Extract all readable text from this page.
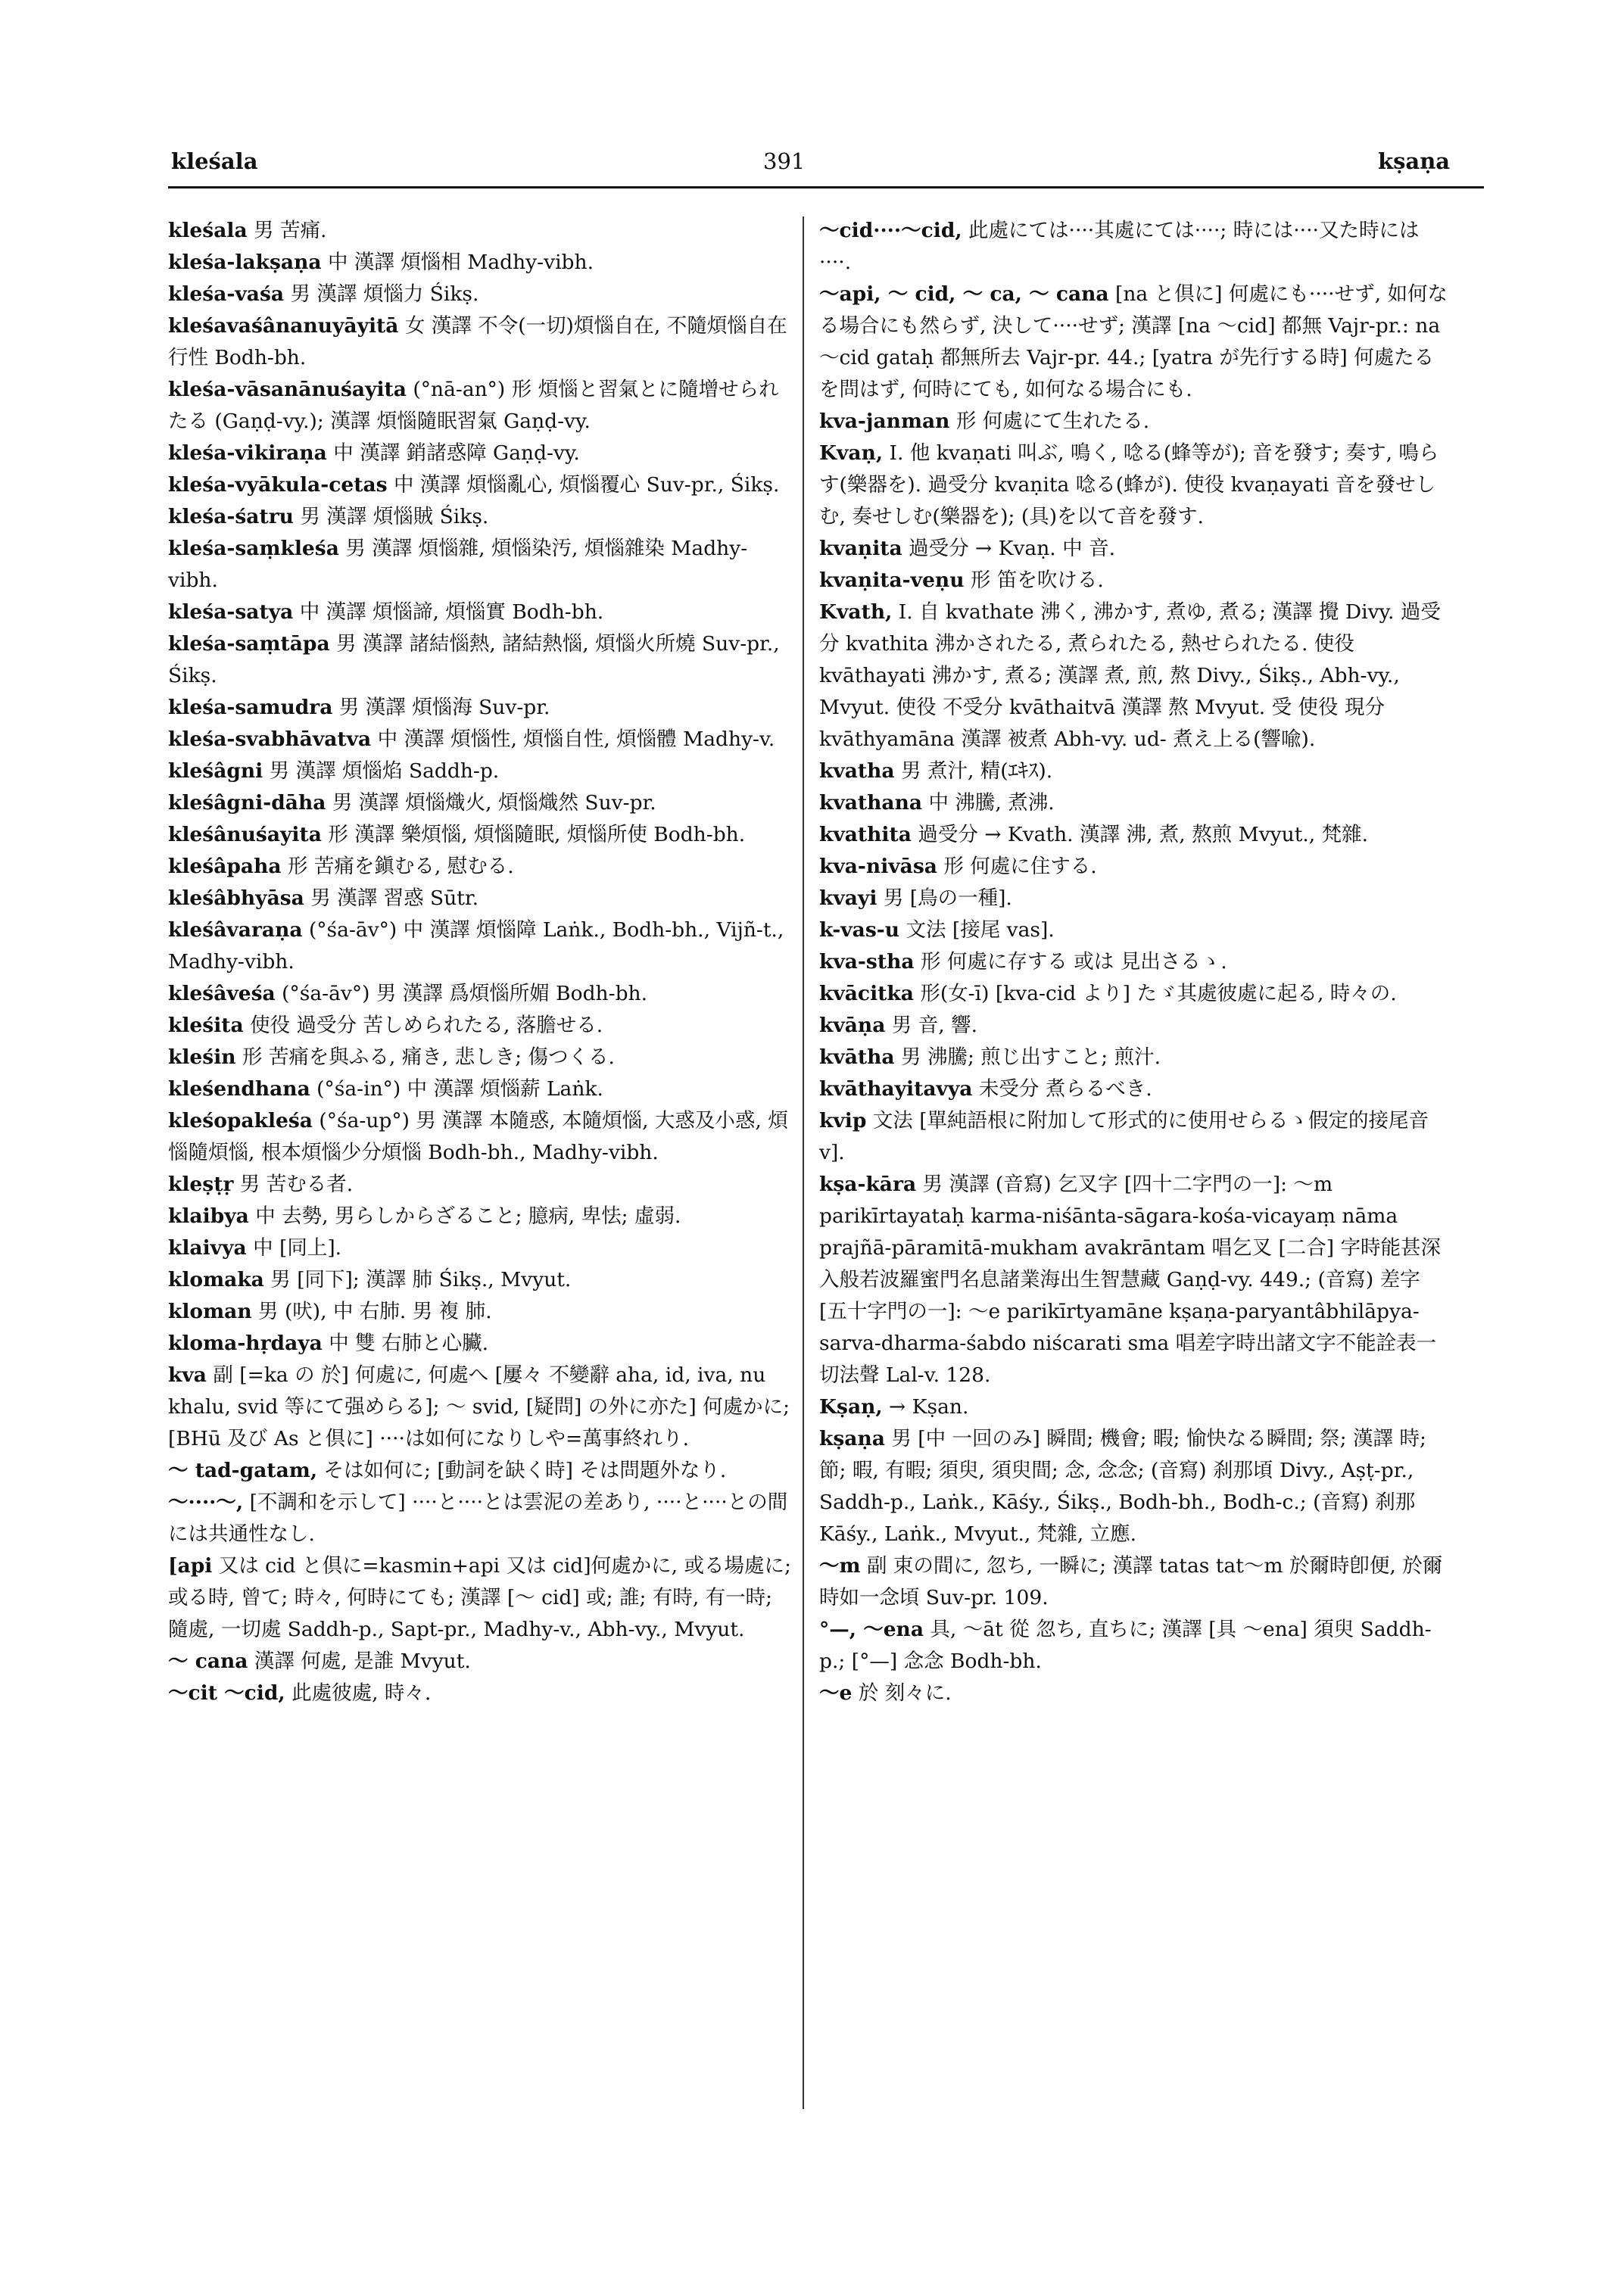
kleśala	391	kṣaṇa

kleśala 男 苦痛.

kleśa-lakṣaṇa 中 漢譯 煩惱相 Madhy-vibh.

kleśa-vaśa 男 漢譯 煩惱力 Śikṣ.

kleśavaśânanuyāyitā 女 漢譯 不令(一切)煩惱自在, 不隨煩惱自在行性 Bodh-bh.

kleśa-vāsanānuśayita (°nā-an°) 形 煩惱と習氣とに隨增せられたる (Gaṇḍ-vy.); 漢譯 煩惱隨眠習氣 Gaṇḍ-vy.

kleśa-vikiraṇa 中 漢譯 銷諸惑障 Gaṇḍ-vy.

kleśa-vyākula-cetas 中 漢譯 煩惱亂心, 煩惱覆心 Suv-pr., Śikṣ.

kleśa-śatru 男 漢譯 煩惱賊 Śikṣ.

kleśa-saṃkleśa 男 漢譯 煩惱雜, 煩惱染汚, 煩惱雜染 Madhy-vibh.

kleśa-satya 中 漢譯 煩惱諦, 煩惱實 Bodh-bh.

kleśa-saṃtāpa 男 漢譯 諸結惱熱, 諸結熱惱, 煩惱火所燒 Suv-pr., Śikṣ.

kleśa-samudra 男 漢譯 煩惱海 Suv-pr.

kleśa-svabhāvatva 中 漢譯 煩惱性, 煩惱自性, 煩惱體 Madhy-v.

kleśâgni 男 漢譯 煩惱焰 Saddh-p.

kleśâgni-dāha 男 漢譯 煩惱熾火, 煩惱熾然 Suv-pr.

kleśânuśayita 形 漢譯 樂煩惱, 煩惱隨眠, 煩惱所使 Bodh-bh.

kleśâpaha 形 苦痛を鎭むる, 慰むる.

kleśâbhyāsa 男 漢譯 習惑 Sūtr.

kleśâvaraṇa (°śa-āv°) 中 漢譯 煩惱障 Laṅk., Bodh-bh., Vijñ-t., Madhy-vibh.

kleśâveśa (°śa-āv°) 男 漢譯 爲煩惱所媚 Bodh-bh.

kleśita 使役 過受分 苦しめられたる, 落膽せる.

kleśin 形 苦痛を與ふる, 痛き, 悲しき; 傷つくる.

kleśendhana (°śa-in°) 中 漢譯 煩惱薪 Laṅk.

kleśopakleśa (°śa-up°) 男 漢譯 本隨惑, 本隨煩惱, 大惑及小惑, 煩惱隨煩惱, 根本煩惱少分煩惱 Bodh-bh., Madhy-vibh.

kleṣṭṛ 男 苦むる者.

klaibya 中 去勢, 男らしからざること; 臆病, 卑怯; 虛弱.

klaivya 中 [同上].

klomaka 男 [同下]; 漢譯 肺 Śikṣ., Mvyut.

kloman 男 (吠), 中 右肺. 男 複 肺.

kloma-hṛdaya 中 雙 右肺と心臟.

kva 副 [=ka の 於] 何處に, 何處へ [屢々 不變辭 aha, id, iva, nu khalu, svid 等にて强めらる]; ～ svid, [疑問] の外に亦た] 何處かに; [BHū 及び As と倶に] ····は如何になりしや=萬事終れり.

～ tad-gatam, そは如何に; [動詞を缺く時] そは問題外なり.

～····～, [不調和を示して] ····と····とは雲泥の差あり, ····と····との間には共通性なし.

[api 又は cid と倶に=kasmin+api 又は cid]何處かに, 或る場處に; 或る時, 曾て; 時々, 何時にても; 漢譯 [～ cid] 或; 誰; 有時, 有一時; 隨處, 一切處 Saddh-p., Sapt-pr., Madhy-v., Abh-vy., Mvyut.

～ cana 漢譯 何處, 是誰 Mvyut.

～cit ～cid, 此處彼處, 時々.

～cid····～cid, 此處にては····其處にては····; 時には····又た時には····.

～api, ～ cid, ～ ca, ～ cana [na と倶に] 何處にも····せず, 如何なる場合にも然らず, 決して····せず; 漢譯 [na ～cid] 都無 Vajr-pr.: na ～cid gataḥ 都無所去 Vajr-pr. 44.; [yatra が先行する時] 何處たるを問はず, 何時にても, 如何なる場合にも.

kva-janman 形 何處にて生れたる.

Kvaṇ, I. 他 kvaṇati 叫ぶ, 鳴く, 唸る(蜂等が); 音を發す; 奏す, 鳴らす(樂器を). 過受分 kvaṇita 唸る(蜂が). 使役 kvaṇayati 音を發せしむ, 奏せしむ(樂器を); (具)を以て音を發す.

kvaṇita 過受分 → Kvaṇ. 中 音.

kvaṇita-veṇu 形 笛を吹ける.

Kvath, I. 自 kvathate 沸く, 沸かす, 煮ゆ, 煮る; 漢譯 攪 Divy. 過受分 kvathita 沸かされたる, 煮られたる, 熱せられたる. 使役 kvāthayati 沸かす, 煮る; 漢譯 煮, 煎, 熬 Divy., Śikṣ., Abh-vy., Mvyut. 使役 不受分 kvāthaitvā 漢譯 熬 Mvyut. 受 使役 現分 kvāthyamāna 漢譯 被煮 Abh-vy. ud- 煮え上る(響喩).

kvatha 男 煮汁, 精(ｴｷｽ).

kvathana 中 沸騰, 煮沸.

kvathita 過受分 → Kvath. 漢譯 沸, 煮, 熬煎 Mvyut., 梵雜.

kva-nivāsa 形 何處に住する.

kvayi 男 [鳥の一種].

k-vas-u 文法 [接尾 vas].

kva-stha 形 何處に存する 或は 見出さるゝ.

kvācitka 形(女-ī) [kva-cid より] たゞ其處彼處に起る, 時々の.

kvāṇa 男 音, 響.

kvātha 男 沸騰; 煎じ出すこと; 煎汁.

kvāthayitavya 未受分 煮らるべき.

kvip 文法 [單純語根に附加して形式的に使用せらるゝ假定的接尾音 v].

kṣa-kāra 男 漢譯 (音寫) 乞叉字 [四十二字門の一]: ～m parikīrtayataḥ karma-niśānta-sāgara-kośa-vicayaṃ nāma prajñā-pāramitā-mukham avakrāntam 唱乞叉 [二合] 字時能甚深入般若波羅蜜門名息諸業海出生智慧藏 Gaṇḍ-vy. 449.; (音寫) 差字 [五十字門の一]: ～e parikīrtyamāne kṣaṇa-paryantâbhilāpya-sarva-dharma-śabdo niścarati sma 唱差字時出諸文字不能詮表一切法聲 Lal-v. 128.

Kṣaṇ, → Kṣan.

kṣaṇa 男 [中 一回のみ] 瞬間; 機會; 暇; 愉快なる瞬間; 祭; 漢譯 時; 節; 暇, 有暇; 須臾, 須臾間; 念, 念念; (音寫) 刹那頃 Divy., Aṣṭ-pr., Saddh-p., Laṅk., Kāśy., Śikṣ., Bodh-bh., Bodh-c.; (音寫) 刹那 Kāśy., Laṅk., Mvyut., 梵雜, 立應.

～m 副 束の間に, 忽ち, 一瞬に; 漢譯 tatas tat～m 於爾時卽便, 於爾時如一念頃 Suv-pr. 109.

°—, ～ena 具, ～āt 從 忽ち, 直ちに; 漢譯 [具 ～ena] 須臾 Saddh-p.; [°—] 念念 Bodh-bh.

～e 於 刻々に.
